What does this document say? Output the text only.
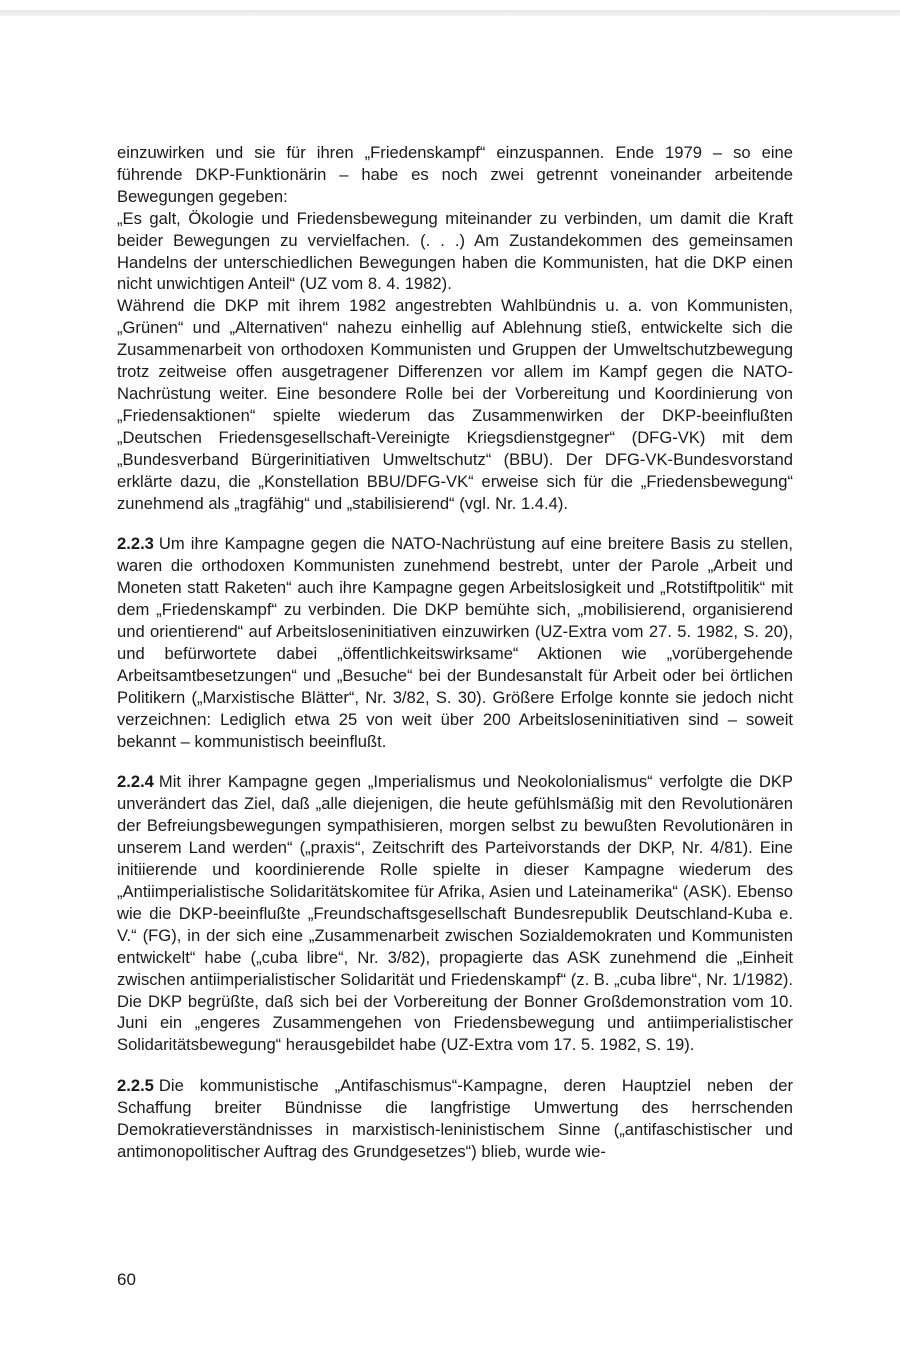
einzuwirken und sie für ihren „Friedenskampf“ einzuspannen. Ende 1979 – so eine führende DKP-Funktionärin – habe es noch zwei getrennt voneinander arbeitende Bewegungen gegeben:

„Es galt, Ökologie und Friedensbewegung miteinander zu verbinden, um damit die Kraft beider Bewegungen zu vervielfachen. (. . .) Am Zustandekommen des gemeinsamen Handelns der unterschiedlichen Bewegungen haben die Kommunisten, hat die DKP einen nicht unwichtigen Anteil“ (UZ vom 8. 4. 1982).

Während die DKP mit ihrem 1982 angestrebten Wahlbündnis u. a. von Kommunisten, „Grünen“ und „Alternativen“ nahezu einhellig auf Ablehnung stieß, entwickelte sich die Zusammenarbeit von orthodoxen Kommunisten und Gruppen der Umweltschutzbewegung trotz zeitweise offen ausgetragener Differenzen vor allem im Kampf gegen die NATO-Nachrüstung weiter. Eine besondere Rolle bei der Vorbereitung und Koordinierung von „Friedensaktionen“ spielte wiederum das Zusammenwirken der DKP-beeinflußten „Deutschen Friedensgesellschaft-Vereinigte Kriegsdienstgegner“ (DFG-VK) mit dem „Bundesverband Bürgerinitiativen Umweltschutz“ (BBU). Der DFG-VK-Bundesvorstand erklärte dazu, die „Konstellation BBU/DFG-VK“ erweise sich für die „Friedensbewegung“ zunehmend als „tragfähig“ und „stabilisierend“ (vgl. Nr. 1.4.4).

2.2.3 Um ihre Kampagne gegen die NATO-Nachrüstung auf eine breitere Basis zu stellen, waren die orthodoxen Kommunisten zunehmend bestrebt, unter der Parole „Arbeit und Moneten statt Raketen“ auch ihre Kampagne gegen Arbeitslosigkeit und „Rotstiftpolitik“ mit dem „Friedenskampf“ zu verbinden. Die DKP bemühte sich, „mobilisierend, organisierend und orientierend“ auf Arbeitsloseninitiativen einzuwirken (UZ-Extra vom 27. 5. 1982, S. 20), und befürwortete dabei „öffentlichkeitswirksame“ Aktionen wie „vorübergehende Arbeitsamtbesetzungen“ und „Besuche“ bei der Bundesanstalt für Arbeit oder bei örtlichen Politikern („Marxistische Blätter“, Nr. 3/82, S. 30). Größere Erfolge konnte sie jedoch nicht verzeichnen: Lediglich etwa 25 von weit über 200 Arbeitsloseninitiativen sind – soweit bekannt – kommunistisch beeinflußt.

2.2.4 Mit ihrer Kampagne gegen „Imperialismus und Neokolonialismus“ verfolgte die DKP unverändert das Ziel, daß „alle diejenigen, die heute gefühlsmäßig mit den Revolutionären der Befreiungsbewegungen sympathisieren, morgen selbst zu bewußten Revolutionären in unserem Land werden“ („praxis“, Zeitschrift des Parteivorstands der DKP, Nr. 4/81). Eine initiierende und koordinierende Rolle spielte in dieser Kampagne wiederum des „Antiimperialistische Solidaritätskomitee für Afrika, Asien und Lateinamerika“ (ASK). Ebenso wie die DKP-beeinflußte „Freundschaftsgesellschaft Bundesrepublik Deutschland-Kuba e. V.“ (FG), in der sich eine „Zusammenarbeit zwischen Sozialdemokraten und Kommunisten entwickelt“ habe („cuba libre“, Nr. 3/82), propagierte das ASK zunehmend die „Einheit zwischen antiimperialistischer Solidarität und Friedenskampf“ (z. B. „cuba libre“, Nr. 1/1982). Die DKP begrüßte, daß sich bei der Vorbereitung der Bonner Großdemonstration vom 10. Juni ein „engeres Zusammengehen von Friedensbewegung und antiimperialistischer Solidaritätsbewegung“ herausgebildet habe (UZ-Extra vom 17. 5. 1982, S. 19).

2.2.5 Die kommunistische „Antifaschismus“-Kampagne, deren Hauptziel neben der Schaffung breiter Bündnisse die langfristige Umwertung des herrschenden Demokratieverständnisses in marxistisch-leninistischem Sinne („antifaschistischer und antimonopolitischer Auftrag des Grundgesetzes“) blieb, wurde wie-

60
